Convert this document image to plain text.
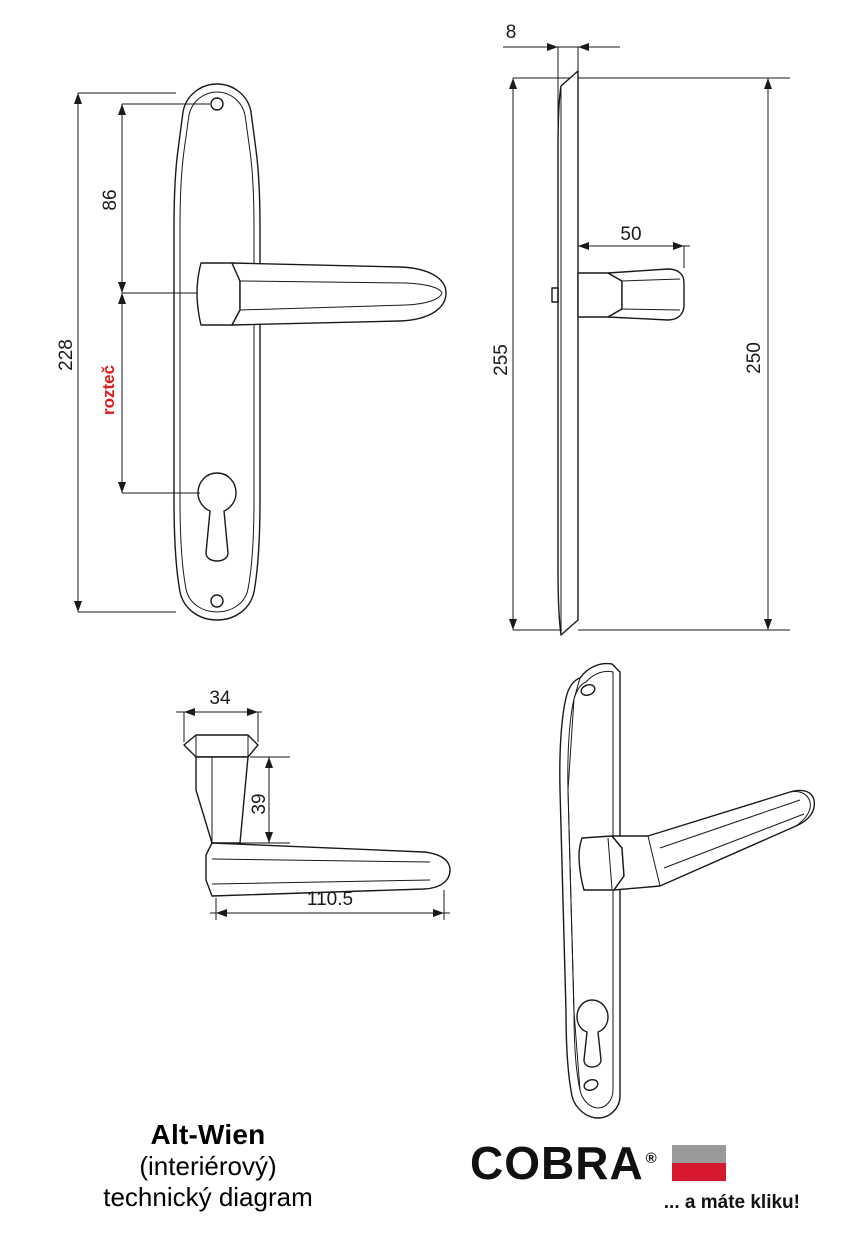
228
86
rozteč
8
255	250
50
34
39
110.5
Alt-Wien
(interiérový)
technický diagram
COBRA ®
... a máte kliku!
